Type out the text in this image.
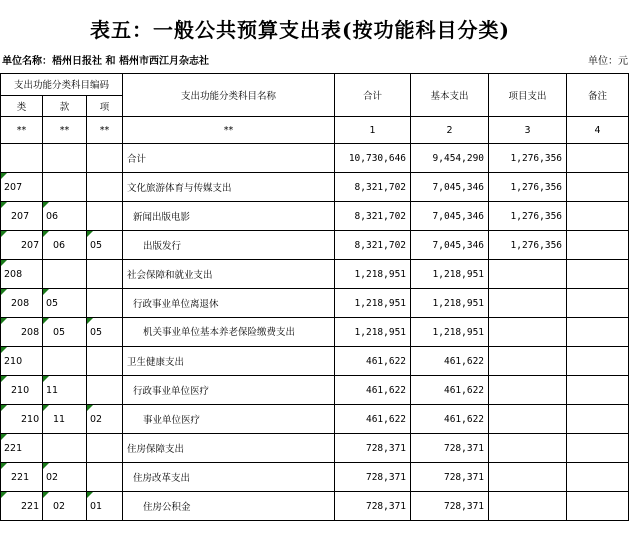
表五：一般公共预算支出表(按功能科目分类)
单位名称：梧州日报社 和 梧州市西江月杂志社	单位：元
支出功能分类科目编码			支出功能分类科目名称	合计	基本支出	项目支出	备注
类	款	项					
**	**	**	**	1	2	3	4
			合计	10,730,646	9,454,290	1,276,356	
207			文化旅游体育与传媒支出	8,321,702	7,045,346	1,276,356	
207	06		新闻出版电影	8,321,702	7,045,346	1,276,356	
207	06	05	出版发行	8,321,702	7,045,346	1,276,356	
208			社会保障和就业支出	1,218,951	1,218,951		
208	05		行政事业单位离退休	1,218,951	1,218,951		
208	05	05	机关事业单位基本养老保险缴费支出	1,218,951	1,218,951		
210			卫生健康支出	461,622	461,622		
210	11		行政事业单位医疗	461,622	461,622		
210	11	02	事业单位医疗	461,622	461,622		
221			住房保障支出	728,371	728,371		
221	02		住房改革支出	728,371	728,371		
221	02	01	住房公积金	728,371	728,371		
